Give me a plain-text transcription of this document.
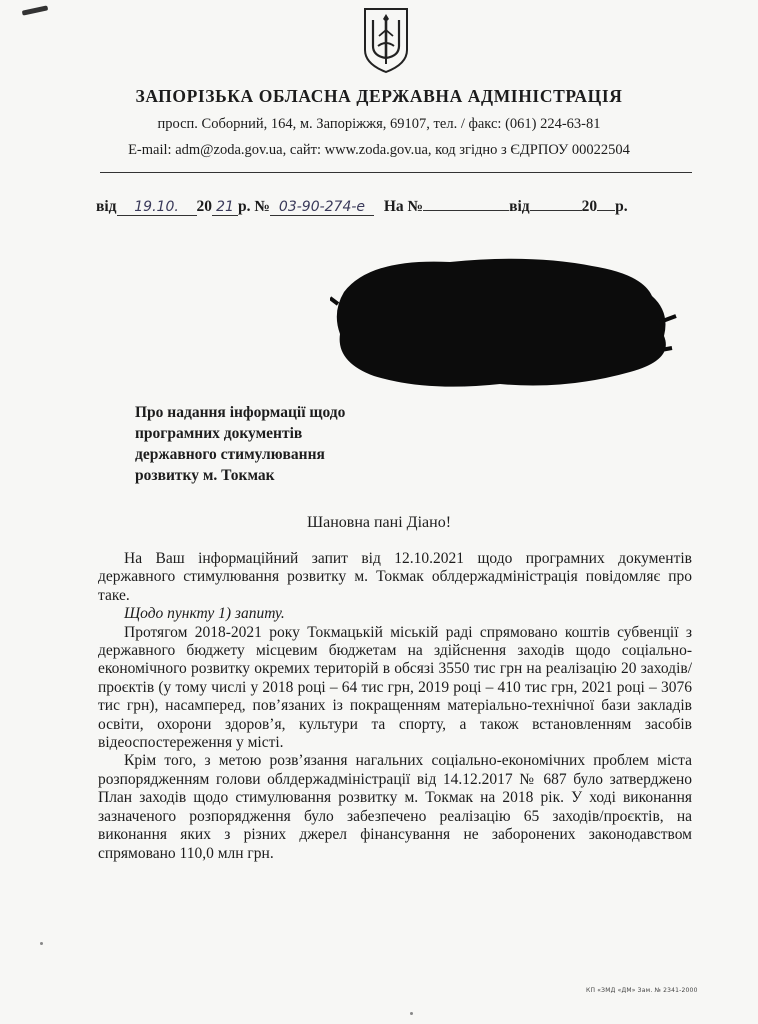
ЗАПОРІЗЬКА ОБЛАСНА ДЕРЖАВНА АДМІНІСТРАЦІЯ
просп. Соборний, 164, м. Запоріжжя, 69107, тел. / факс: (061) 224-63-81
E-mail: adm@zoda.gov.ua, сайт: www.zoda.gov.ua, код згідно з ЄДРПОУ 00022504
від 19.10. 20 21 р. № 03-90-274-е На №	від	20 р.
Про надання інформації щодо
програмних документів
державного стимулювання
розвитку м. Токмак
Шановна пані Діано!

На Ваш інформаційний запит від 12.10.2021 щодо програмних документів державного стимулювання розвитку м. Токмак облдержадміністрація повідомляє про таке.

Щодо пункту 1) запиту.

Протягом 2018-2021 року Токмацькій міській раді спрямовано коштів субвенції з державного бюджету місцевим бюджетам на здійснення заходів щодо соціально-економічного розвитку окремих територій в обсязі 3550 тис грн на реалізацію 20 заходів/проєктів (у тому числі у 2018 році – 64 тис грн, 2019 році – 410 тис грн, 2021 році – 3076 тис грн), насамперед, пов’язаних із покращенням матеріально-технічної бази закладів освіти, охорони здоров’я, культури та спорту, а також встановленням засобів відеоспостереження у місті.

Крім того, з метою розв’язання нагальних соціально-економічних проблем міста розпорядженням голови облдержадміністрації від 14.12.2017 № 687 було затверджено План заходів щодо стимулювання розвитку м. Токмак на 2018 рік. У ході виконання зазначеного розпорядження було забезпечено реалізацію 65 заходів/проєктів, на виконання яких з різних джерел фінансування не заборонених законодавством спрямовано 110,0 млн грн.

КП «ЗМД «ДМ» Зам. № 2341-2000
